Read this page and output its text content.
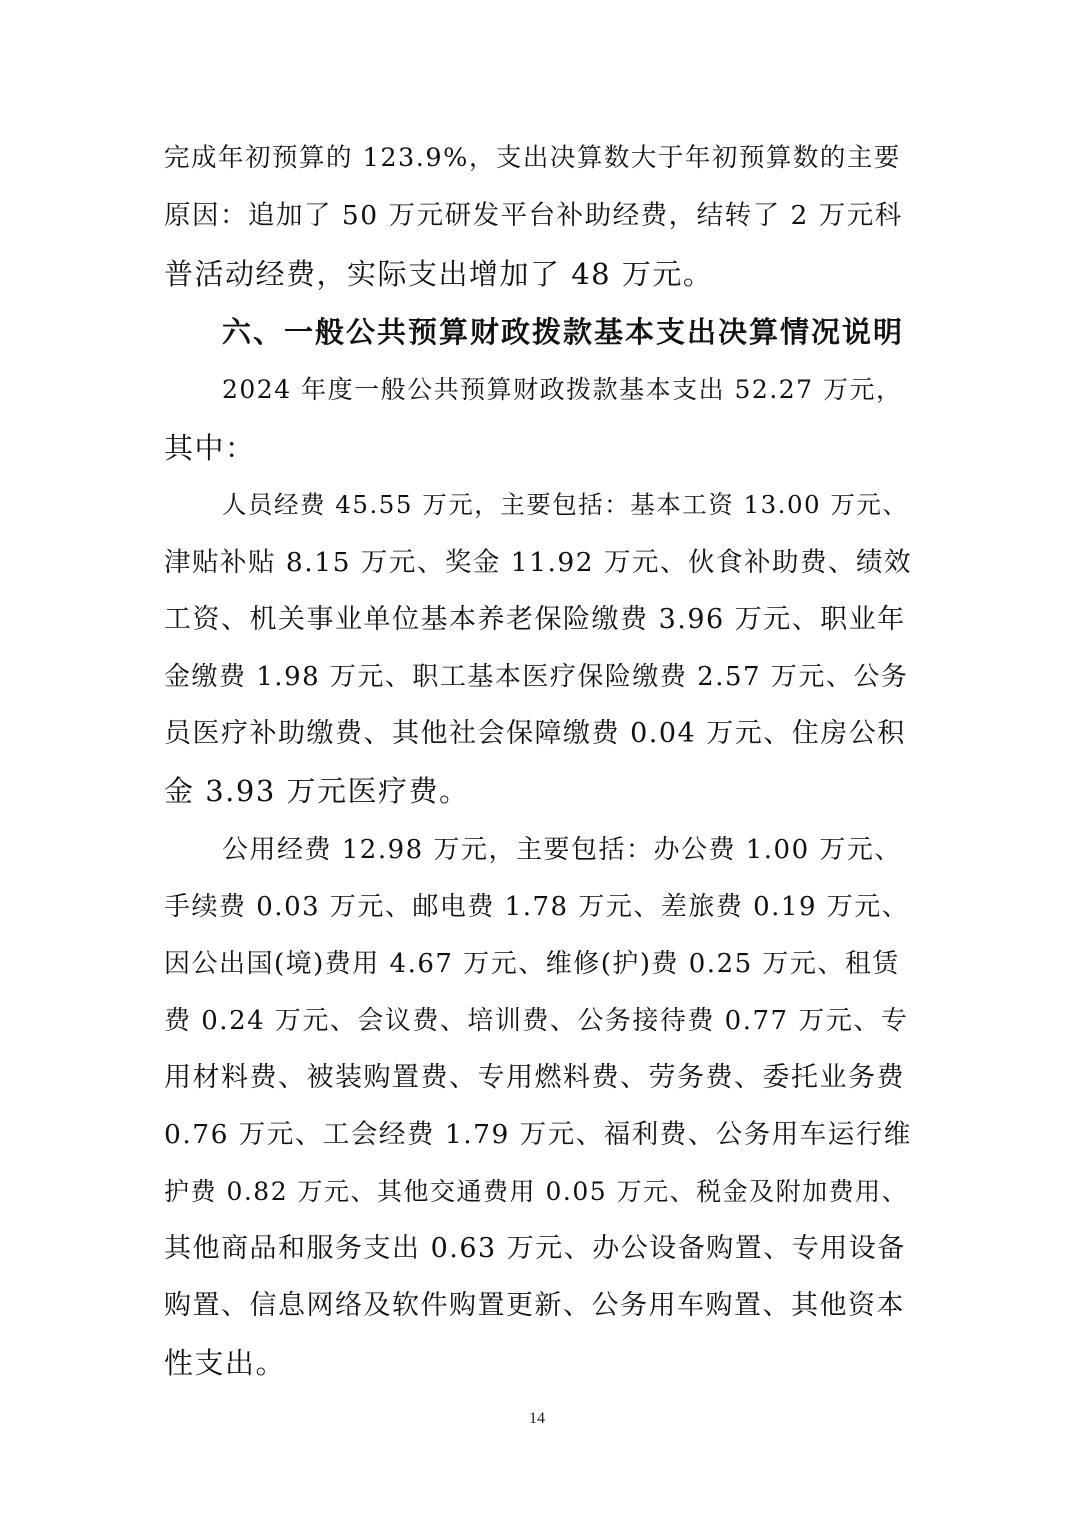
完成年初预算的 123.9%，支出决算数大于年初预算数的主要
原因：追加了 50 万元研发平台补助经费，结转了 2 万元科
普活动经费，实际支出增加了 48 万元。
六、一般公共预算财政拨款基本支出决算情况说明
2024 年度一般公共预算财政拨款基本支出 52.27 万元，
其中：
人员经费 45.55 万元，主要包括：基本工资 13.00 万元、
津贴补贴 8.15 万元、奖金 11.92 万元、伙食补助费、绩效
工资、机关事业单位基本养老保险缴费 3.96 万元、职业年
金缴费 1.98 万元、职工基本医疗保险缴费 2.57 万元、公务
员医疗补助缴费、其他社会保障缴费 0.04 万元、住房公积
金 3.93 万元医疗费。
公用经费 12.98 万元，主要包括：办公费 1.00 万元、
手续费 0.03 万元、邮电费 1.78 万元、差旅费 0.19 万元、
因公出国(境)费用 4.67 万元、维修(护)费 0.25 万元、租赁
费 0.24 万元、会议费、培训费、公务接待费 0.77 万元、专
用材料费、被装购置费、专用燃料费、劳务费、委托业务费
0.76 万元、工会经费 1.79 万元、福利费、公务用车运行维
护费 0.82 万元、其他交通费用 0.05 万元、税金及附加费用、
其他商品和服务支出 0.63 万元、办公设备购置、专用设备
购置、信息网络及软件购置更新、公务用车购置、其他资本
性支出。
14
